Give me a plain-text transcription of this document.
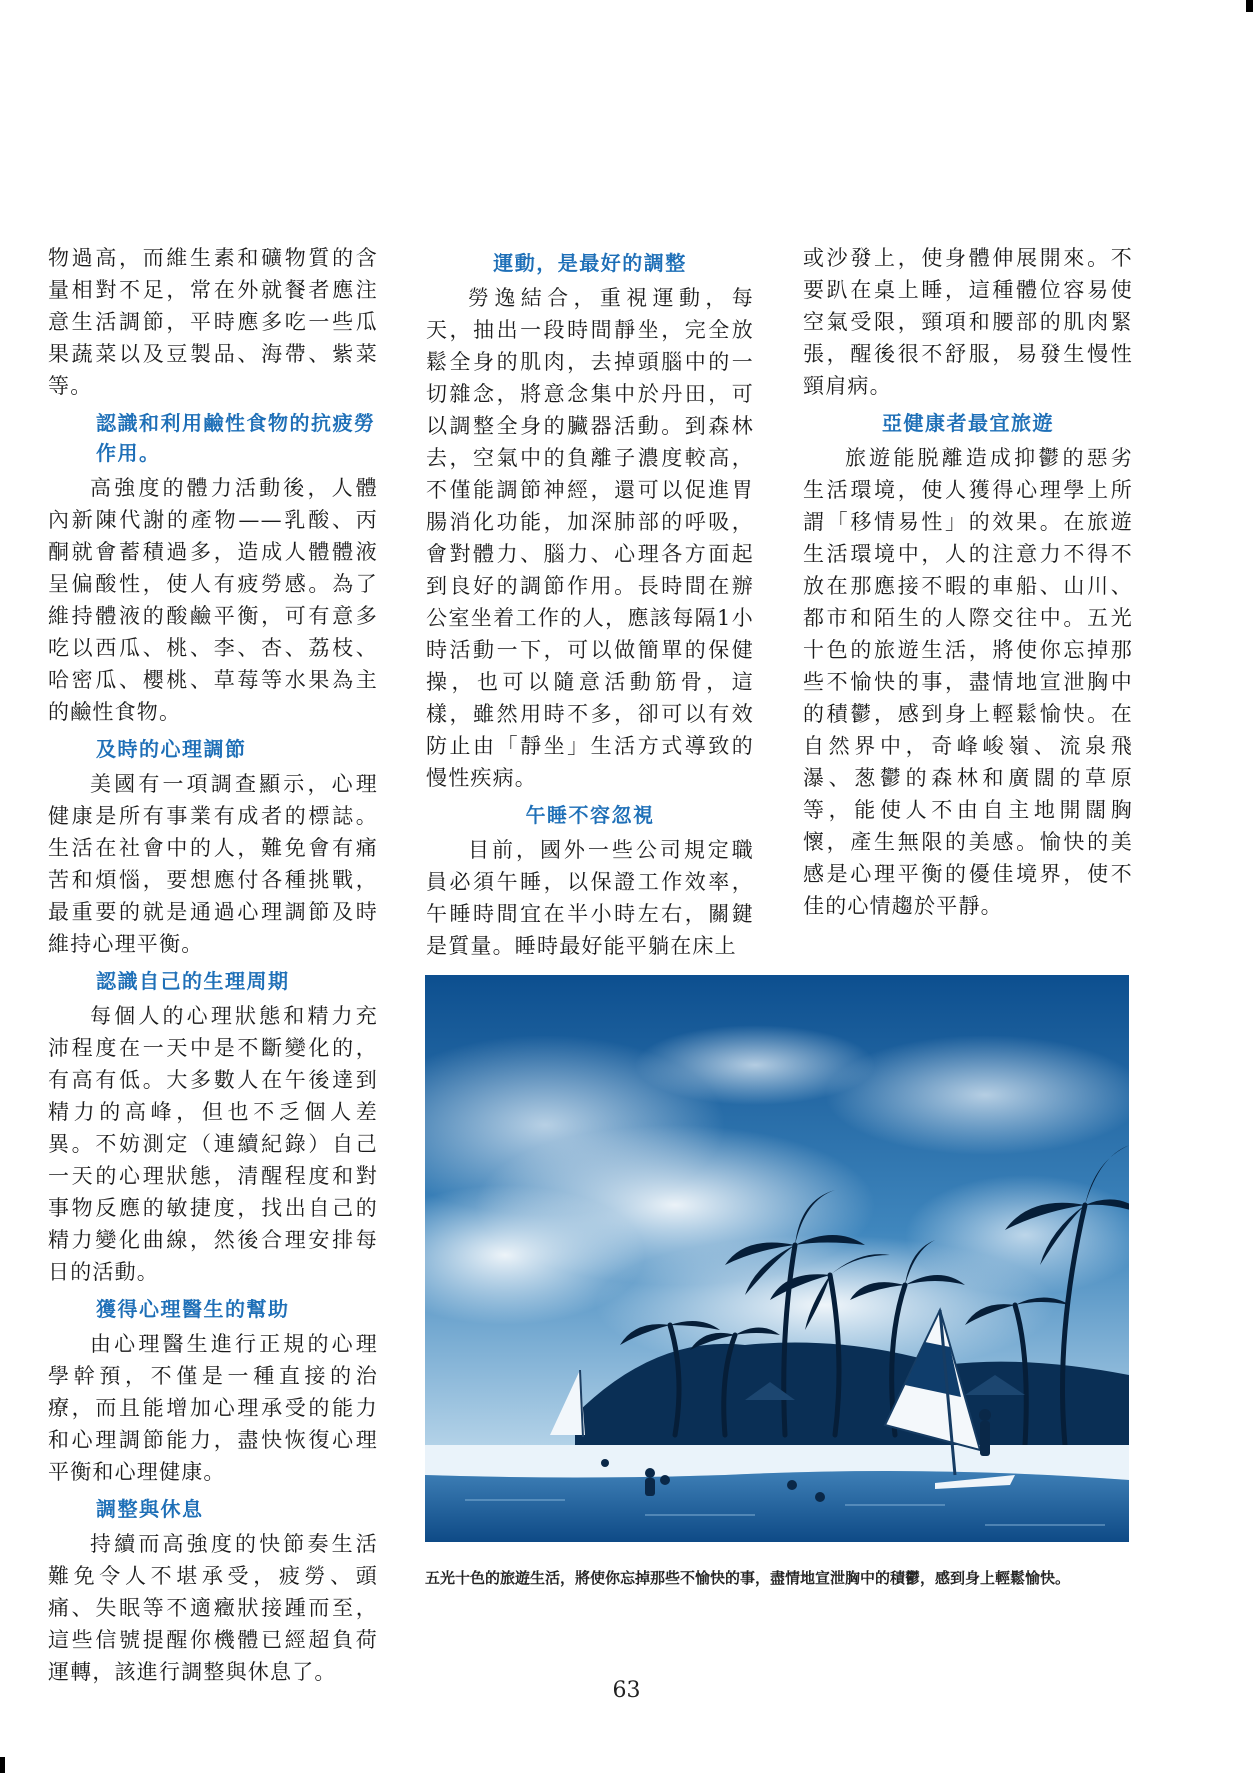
物過高，而維生素和礦物質的含量相對不足，常在外就餐者應注意生活調節，平時應多吃一些瓜果蔬菜以及豆製品、海帶、紫菜等。

認識和利用鹼性食物的抗疲勞作用。

高強度的體力活動後，人體內新陳代謝的產物——乳酸、丙酮就會蓄積過多，造成人體體液呈偏酸性，使人有疲勞感。為了維持體液的酸鹼平衡，可有意多吃以西瓜、桃、李、杏、荔枝、哈密瓜、櫻桃、草莓等水果為主的鹼性食物。

及時的心理調節

美國有一項調查顯示，心理健康是所有事業有成者的標誌。生活在社會中的人，難免會有痛苦和煩惱，要想應付各種挑戰，最重要的就是通過心理調節及時維持心理平衡。

認識自己的生理周期

每個人的心理狀態和精力充沛程度在一天中是不斷變化的，有高有低。大多數人在午後達到精力的高峰，但也不乏個人差異。不妨測定（連續紀錄）自己一天的心理狀態，清醒程度和對事物反應的敏捷度，找出自己的精力變化曲線，然後合理安排每日的活動。

獲得心理醫生的幫助

由心理醫生進行正規的心理學幹預，不僅是一種直接的治療，而且能增加心理承受的能力和心理調節能力，盡快恢復心理平衡和心理健康。

調整與休息

持續而高強度的快節奏生活難免令人不堪承受，疲勞、頭痛、失眠等不適癥狀接踵而至，這些信號提醒你機體已經超負荷運轉，該進行調整與休息了。

運動，是最好的調整

勞逸結合，重視運動，每天，抽出一段時間靜坐，完全放鬆全身的肌肉，去掉頭腦中的一切雜念，將意念集中於丹田，可以調整全身的臟器活動。到森林去，空氣中的負離子濃度較高，不僅能調節神經，還可以促進胃腸消化功能，加深肺部的呼吸，會對體力、腦力、心理各方面起到良好的調節作用。長時間在辦公室坐着工作的人，應該每隔1小時活動一下，可以做簡單的保健操，也可以隨意活動筋骨，這樣，雖然用時不多，卻可以有效防止由「靜坐」生活方式導致的慢性疾病。

午睡不容忽視

目前，國外一些公司規定職員必須午睡，以保證工作效率，午睡時間宜在半小時左右，關鍵是質量。睡時最好能平躺在床上

或沙發上，使身體伸展開來。不要趴在桌上睡，這種體位容易使空氣受限，頸項和腰部的肌肉緊張，醒後很不舒服，易發生慢性頸肩病。

亞健康者最宜旅遊

旅遊能脱離造成抑鬱的惡劣生活環境，使人獲得心理學上所謂「移情易性」的效果。在旅遊生活環境中，人的注意力不得不放在那應接不暇的車船、山川、都市和陌生的人際交往中。五光十色的旅遊生活，將使你忘掉那些不愉快的事，盡情地宣泄胸中的積鬱，感到身上輕鬆愉快。在自然界中，奇峰峻嶺、流泉飛瀑、葱鬱的森林和廣闊的草原等，能使人不由自主地開闊胸懷，產生無限的美感。愉快的美感是心理平衡的優佳境界，使不佳的心情趨於平靜。

五光十色的旅遊生活，將使你忘掉那些不愉快的事，盡情地宣泄胸中的積鬱，感到身上輕鬆愉快。
63
